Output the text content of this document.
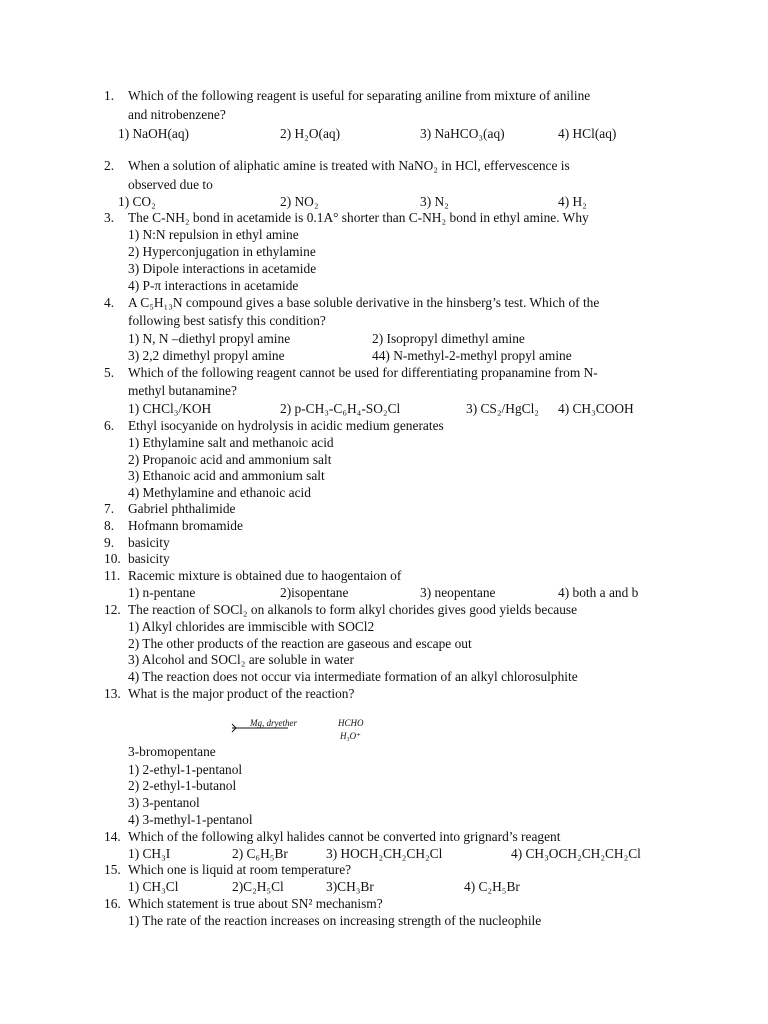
1. Which of the following reagent is useful for separating aniline from mixture of aniline
and nitrobenzene?
1) NaOH(aq)	2) H₂O(aq)	3) NaHCO₃(aq)	4) HCl(aq)
2. When a solution of aliphatic amine is treated with NaNO₂ in HCl, effervescence is
observed due to
1) CO₂	2) NO₂	3) N₂	4) H₂
3. The C-NH₂ bond in acetamide is 0.1A° shorter than C-NH₂ bond in ethyl amine. Why
1) N:N repulsion in ethyl amine
2) Hyperconjugation in ethylamine
3) Dipole interactions in acetamide
4) P-π interactions in acetamide
4. A C₅H₁₃N compound gives a base soluble derivative in the hinsberg’s test. Which of the
following best satisfy this condition?
1) N, N –diethyl propyl amine	2) Isopropyl dimethyl amine
3) 2,2 dimethyl propyl amine	44) N-methyl-2-methyl propyl amine
5. Which of the following reagent cannot be used for differentiating propanamine from N-
methyl butanamine?
1) CHCl₃/KOH	2) p-CH₃-C₆H₄-SO₂Cl	3) CS₂/HgCl₂ 4) CH₃COOH
6. Ethyl isocyanide on hydrolysis in acidic medium generates
1) Ethylamine salt and methanoic acid
2) Propanoic acid and ammonium salt
3) Ethanoic acid and ammonium salt
4) Methylamine and ethanoic acid
7. Gabriel phthalimide
8. Hofmann bromamide
9. basicity
10. basicity
11. Racemic mixture is obtained due to haogentaion of
1) n-pentane	2)isopentane	3) neopentane	4) both a and b
12. The reaction of SOCl₂ on alkanols to form alkyl chorides gives good yields because
1) Alkyl chlorides are immiscible with SOCl2
2) The other products of the reaction are gaseous and escape out
3) Alcohol and SOCl₂ are soluble in water
4) The reaction does not occur via intermediate formation of an alkyl chlorosulphite
13. What is the major product of the reaction?
Mg, dryether	HCHO
H₃O⁺
3-bromopentane
1) 2-ethyl-1-pentanol
2) 2-ethyl-1-butanol
3) 3-pentanol
4) 3-methyl-1-pentanol
14. Which of the following alkyl halides cannot be converted into grignard’s reagent
1) CH₃I	2) C₆H₅Br	3) HOCH₂CH₂CH₂Cl	4) CH₃OCH₂CH₂CH₂Cl
15. Which one is liquid at room temperature?
1) CH₃Cl	2)C₂H₅Cl	3)CH₃Br	4) C₂H₅Br
16. Which statement is true about SN² mechanism?
1) The rate of the reaction increases on increasing strength of the nucleophile
